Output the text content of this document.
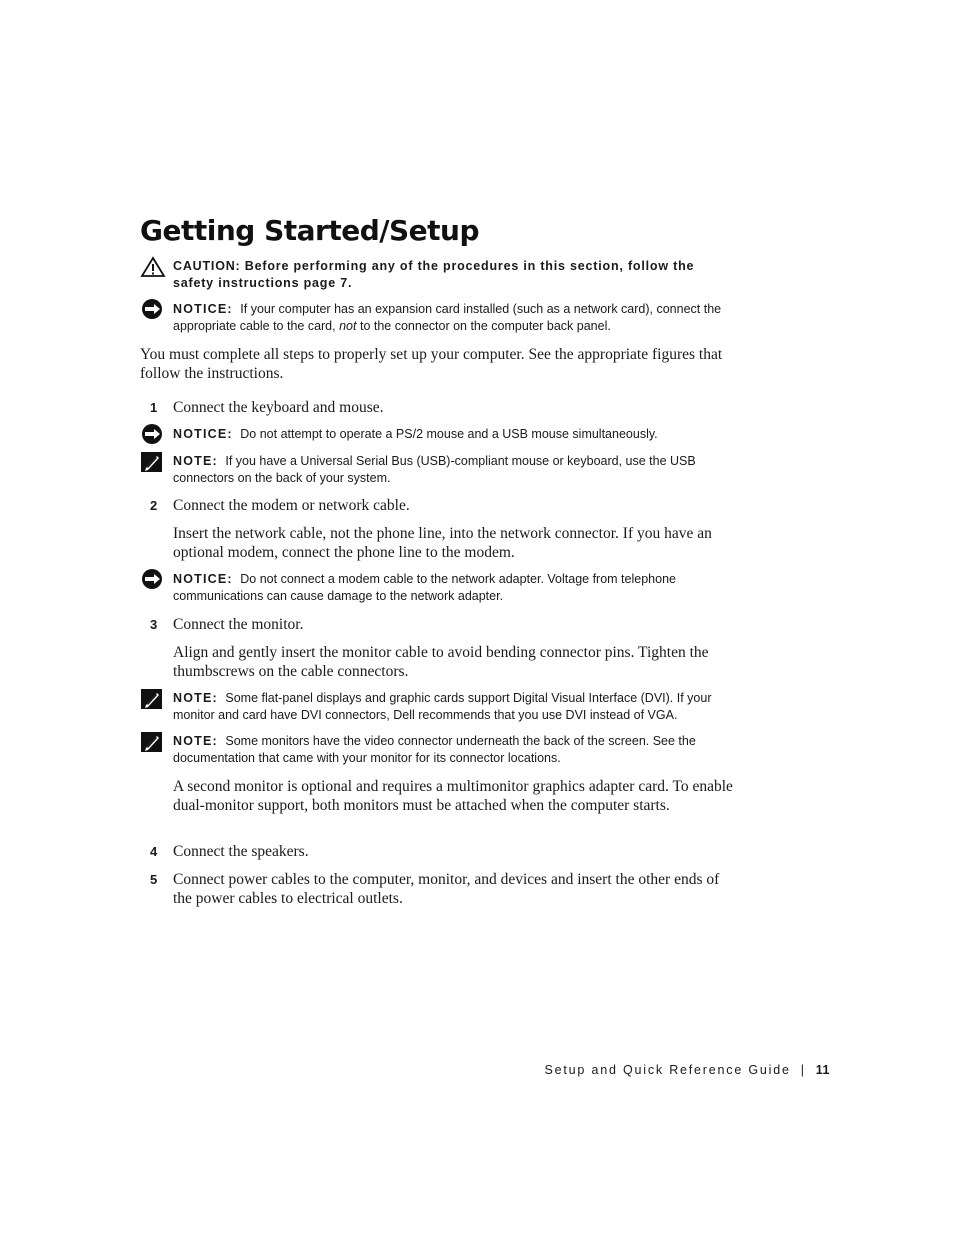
Getting Started/Setup
CAUTION: Before performing any of the procedures in this section, follow the safety instructions page 7.
NOTICE: If your computer has an expansion card installed (such as a network card), connect the appropriate cable to the card, not to the connector on the computer back panel.

You must complete all steps to properly set up your computer. See the appropriate figures that follow the instructions.

1 Connect the keyboard and mouse.
NOTICE: Do not attempt to operate a PS/2 mouse and a USB mouse simultaneously.
NOTE: If you have a Universal Serial Bus (USB)-compliant mouse or keyboard, use the USB connectors on the back of your system.
2 Connect the modem or network cable.

Insert the network cable, not the phone line, into the network connector. If you have an optional modem, connect the phone line to the modem.

NOTICE: Do not connect a modem cable to the network adapter. Voltage from telephone communications can cause damage to the network adapter.
3 Connect the monitor.

Align and gently insert the monitor cable to avoid bending connector pins. Tighten the thumbscrews on the cable connectors.

NOTE: Some flat-panel displays and graphic cards support Digital Visual Interface (DVI). If your monitor and card have DVI connectors, Dell recommends that you use DVI instead of VGA.
NOTE: Some monitors have the video connector underneath the back of the screen. See the documentation that came with your monitor for its connector locations.

A second monitor is optional and requires a multimonitor graphics adapter card. To enable dual-monitor support, both monitors must be attached when the computer starts.

4 Connect the speakers.
5 Connect power cables to the computer, monitor, and devices and insert the other ends of the power cables to electrical outlets.
Setup and Quick Reference Guide | 11
